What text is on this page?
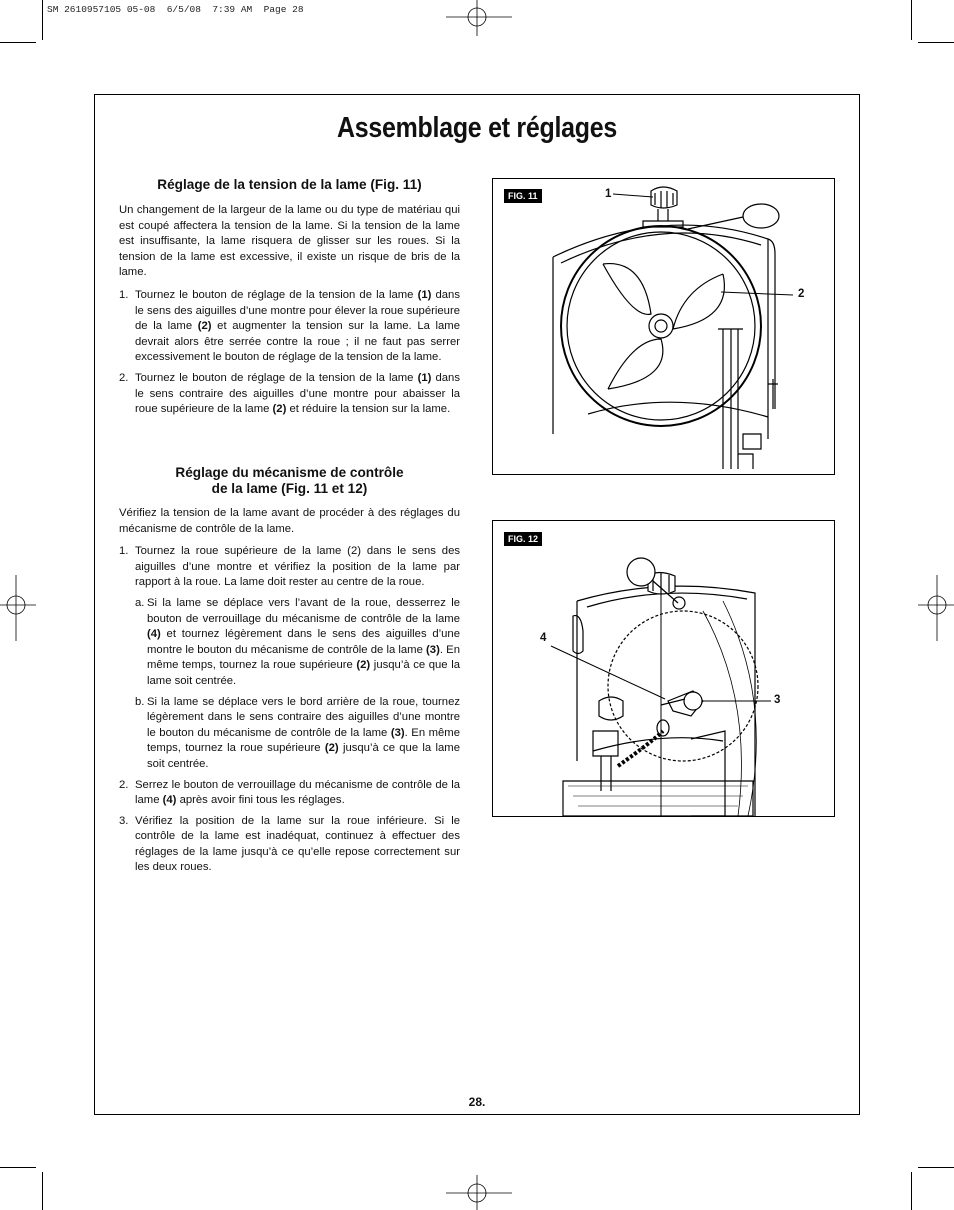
SM 2610957105 05-08  6/5/08  7:39 AM  Page 28
Assemblage et réglages
Réglage de la tension de la lame (Fig. 11)

Un changement de la largeur de la lame ou du type de matériau qui est coupé affectera la tension de la lame. Si la tension de la lame est insuffisante, la lame risquera de glisser sur les roues. Si la tension de la lame est excessive, il existe un risque de bris de la lame.

1. Tournez le bouton de réglage de la tension de la lame (1) dans le sens des aiguilles d’une montre pour élever la roue supérieure de la lame (2) et augmenter la tension sur la lame. La lame devrait alors être serrée contre la roue ; il ne faut pas serrer excessivement le bouton de réglage de la tension de la lame.
2. Tournez le bouton de réglage de la tension de la lame (1) dans le sens contraire des aiguilles d’une montre pour abaisser la roue supérieure de la lame (2) et réduire la tension sur la lame.
Réglage du mécanisme de contrôle
de la lame (Fig. 11 et 12)

Vérifiez la tension de la lame avant de procéder à des réglages du mécanisme de contrôle de la lame.

1. Tournez la roue supérieure de la lame (2) dans le sens des aiguilles d’une montre et vérifiez la position de la lame par rapport à la roue. La lame doit rester au centre de la roue.
a. Si la lame se déplace vers l’avant de la roue, desserrez le bouton de verrouillage du mécanisme de contrôle de la lame (4) et tournez légèrement dans le sens des aiguilles d’une montre le bouton du mécanisme de contrôle de la lame (3). En même temps, tournez la roue supérieure (2) jusqu’à ce que la lame soit centrée.
b. Si la lame se déplace vers le bord arrière de la roue, tournez légèrement dans le sens contraire des aiguilles d’une montre le bouton du mécanisme de contrôle de la lame (3). En même temps, tournez la roue supérieure (2) jusqu’à ce que la lame soit centrée.
2. Serrez le bouton de verrouillage du mécanisme de contrôle de la lame (4) après avoir fini tous les réglages.
3. Vérifiez la position de la lame sur la roue inférieure. Si le contrôle de la lame est inadéquat, continuez à effectuer des réglages de la lame jusqu’à ce qu’elle repose correctement sur les deux roues.
FIG. 11	1
2
FIG. 12
4
3
28.
